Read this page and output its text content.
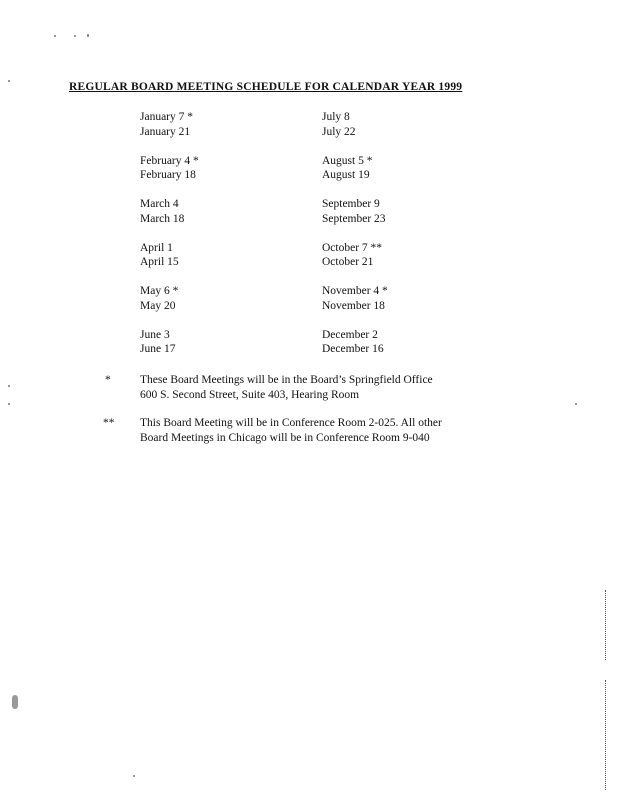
REGULAR BOARD MEETING SCHEDULE FOR CALENDAR YEAR 1999
January 7 *
January 21
February 4 *
February 18
March 4
March 18
April 1
April 15
May 6 *
May 20
June 3
June 17
July 8
July 22
August 5 *
August 19
September 9
September 23
October 7 **
October 21
November 4 *
November 18
December 2
December 16
*	These Board Meetings will be in the Board’s Springfield Office
600 S. Second Street, Suite 403, Hearing Room
** This Board Meeting will be in Conference Room 2-025. All other
Board Meetings in Chicago will be in Conference Room 9-040
